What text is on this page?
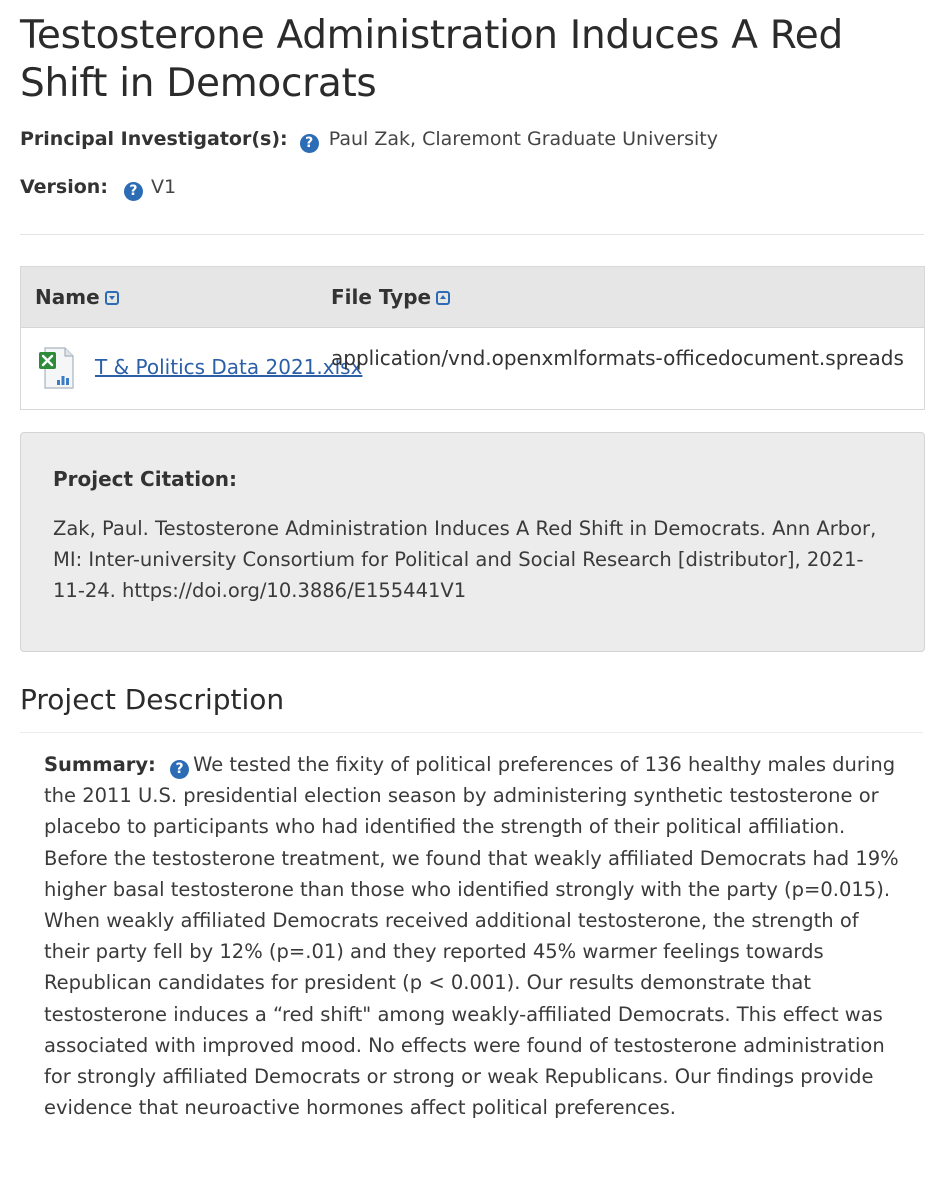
Testosterone Administration Induces A Red Shift in Democrats
Principal Investigator(s): ? Paul Zak, Claremont Graduate University
Version: ? V1
Name	File Type
T & Politics Data 2021.xlsx
application/vnd.openxmlformats-officedocument.spreads
Project Citation:
Zak, Paul. Testosterone Administration Induces A Red Shift in Democrats. Ann Arbor, MI: Inter-university Consortium for Political and Social Research [distributor], 2021-11-24. https://doi.org/10.3886/E155441V1
Project Description
Summary: ? We tested the fixity of political preferences of 136 healthy males during the 2011 U.S. presidential election season by administering synthetic testosterone or placebo to participants who had identified the strength of their political affiliation. Before the testosterone treatment, we found that weakly affiliated Democrats had 19% higher basal testosterone than those who identified strongly with the party (p=0.015). When weakly affiliated Democrats received additional testosterone, the strength of their party fell by 12% (p=.01) and they reported 45% warmer feelings towards Republican candidates for president (p < 0.001). Our results demonstrate that testosterone induces a “red shift" among weakly-affiliated Democrats. This effect was associated with improved mood. No effects were found of testosterone administration for strongly affiliated Democrats or strong or weak Republicans. Our findings provide evidence that neuroactive hormones affect political preferences.
